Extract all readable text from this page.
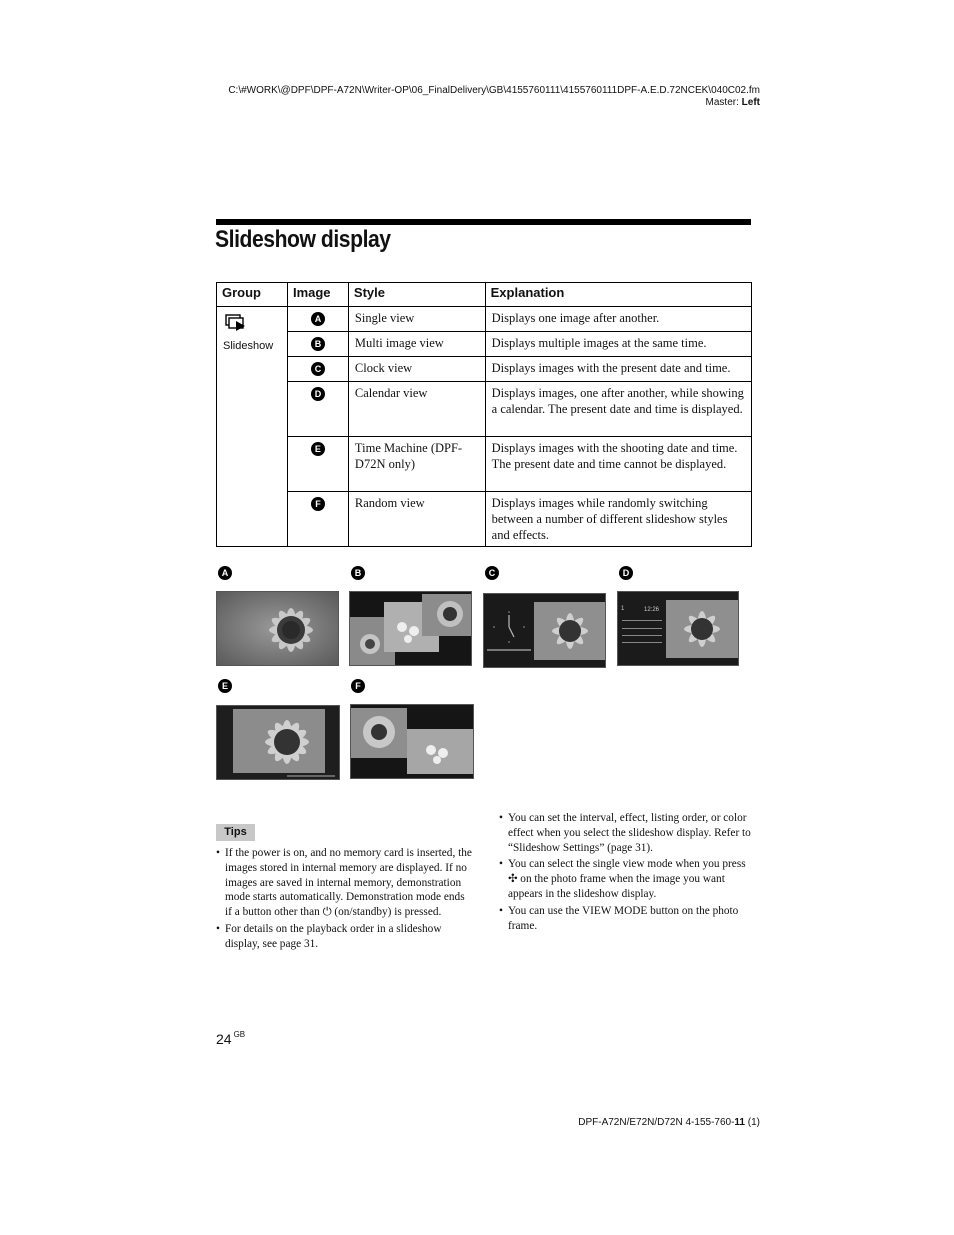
C:\#WORK\@DPF\DPF-A72N\Writer-OP\06_FinalDelivery\GB\4155760111\4155760111DPF-A.E.D.72NCEK\040C02.fm
Master: Left
Slideshow display
Group	Image	Style	Explanation

Slideshow	A	Single view	Displays one image after another.
	B	Multi image view	Displays multiple images at the same time.
	C	Clock view	Displays images with the present date and time.
	D	Calendar view	Displays images, one after another, while showing a calendar. The present date and time is displayed.
	E	Time Machine (DPF-D72N only)	Displays images with the shooting date and time. The present date and time cannot be displayed.
	F	Random view	Displays images while randomly switching between a number of different slideshow styles and effects.
A	B	C	D
E	F
1	12:26
Tips
• If the power is on, and no memory card is inserted, the images stored in internal memory are displayed. If no images are saved in internal memory, demonstration mode starts automatically. Demonstration mode ends if a button other than ⏻ (on/standby) is pressed.
• For details on the playback order in a slideshow display, see page 31.
• You can set the interval, effect, listing order, or color effect when you select the slideshow display. Refer to “Slideshow Settings” (page 31).
• You can select the single view mode when you press ✣ on the photo frame when the image you want appears in the slideshow display.
• You can use the VIEW MODE button on the photo frame.
24 $^{GB}$
DPF-A72N/E72N/D72N 4-155-760-11 (1)
